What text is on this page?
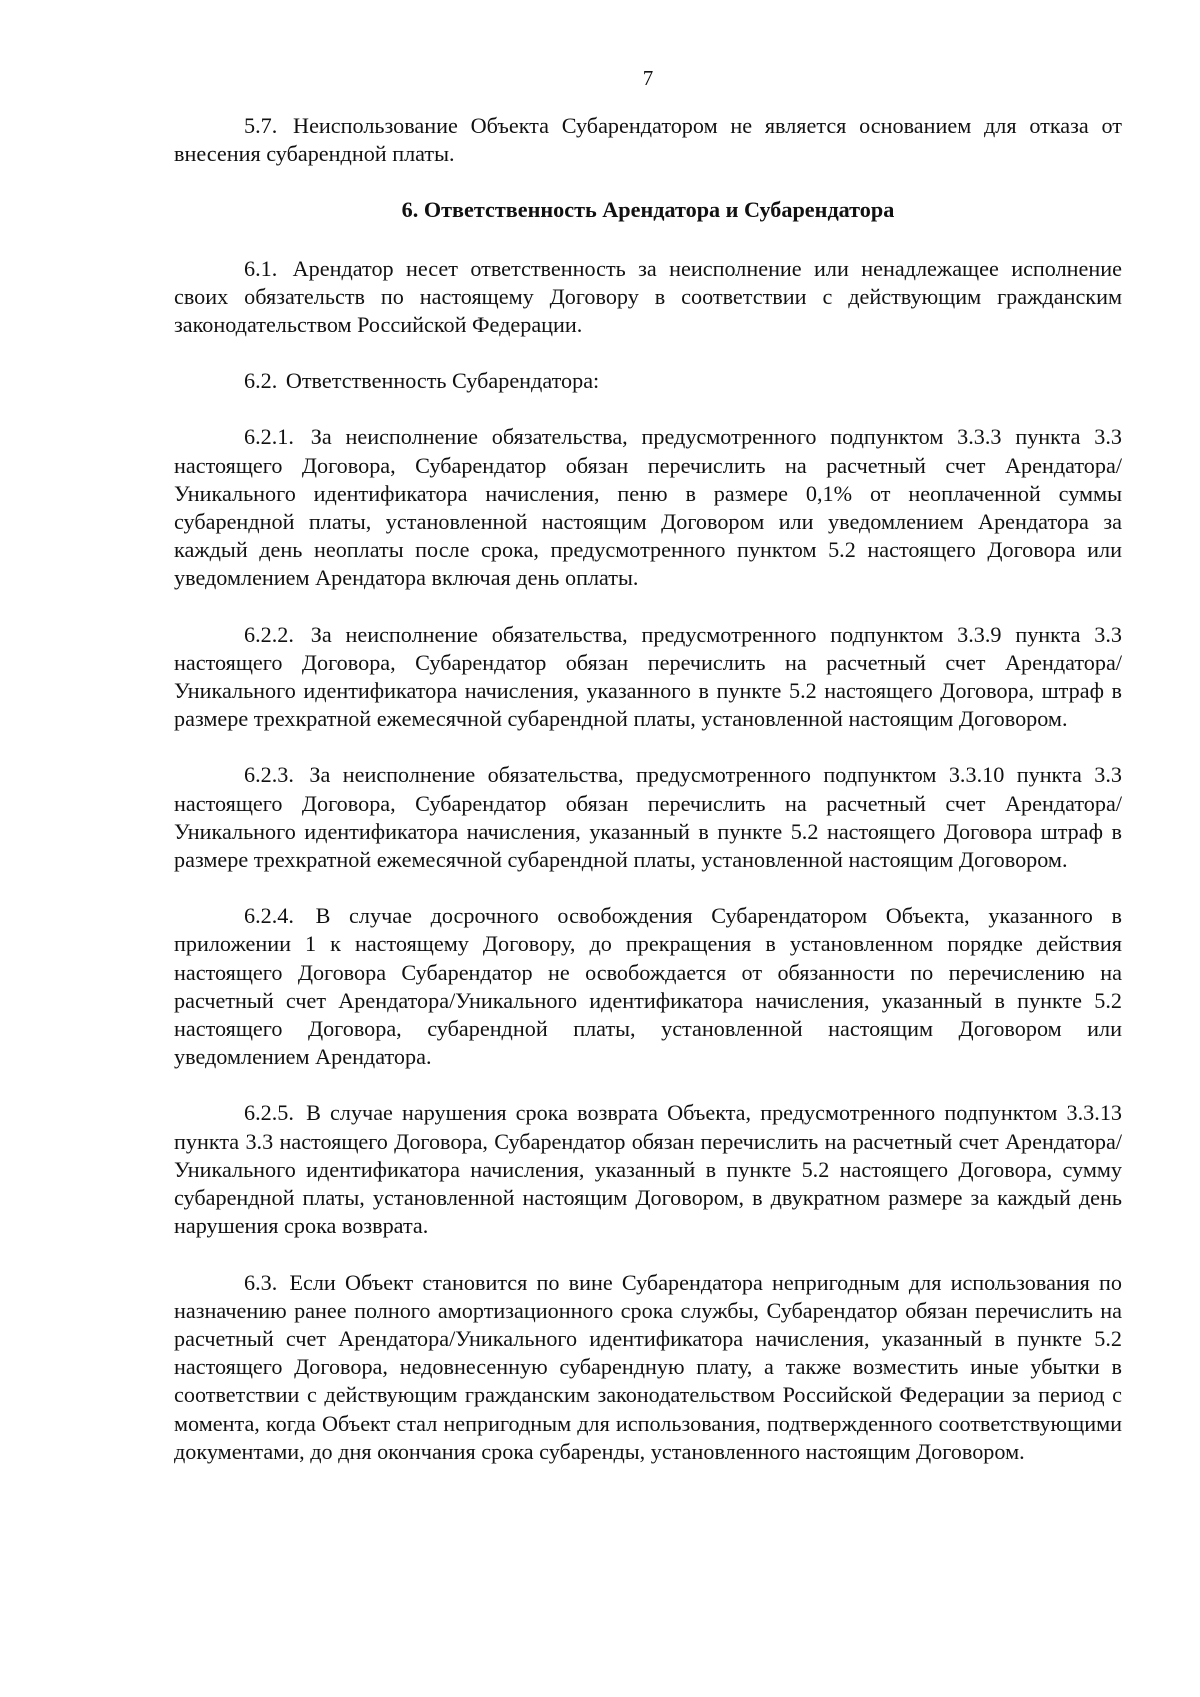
7

5.7. Неиспользование Объекта Субарендатором не является основанием для отказа от внесения субарендной платы.

6. Ответственность Арендатора и Субарендатора

6.1. Арендатор несет ответственность за неисполнение или ненадлежащее исполнение своих обязательств по настоящему Договору в соответствии с действующим гражданским законодательством Российской Федерации.

6.2. Ответственность Субарендатора:

6.2.1. За неисполнение обязательства, предусмотренного подпунктом 3.3.3 пункта 3.3 настоящего Договора, Субарендатор обязан перечислить на расчетный счет Арендатора/Уникального идентификатора начисления, пеню в размере 0,1% от неоплаченной суммы субарендной платы, установленной настоящим Договором или уведомлением Арендатора за каждый день неоплаты после срока, предусмотренного пунктом 5.2 настоящего Договора или уведомлением Арендатора включая день оплаты.

6.2.2. За неисполнение обязательства, предусмотренного подпунктом 3.3.9 пункта 3.3 настоящего Договора, Субарендатор обязан перечислить на расчетный счет Арендатора/ Уникального идентификатора начисления, указанного в пункте 5.2 настоящего Договора, штраф в размере трехкратной ежемесячной субарендной платы, установленной настоящим Договором.

6.2.3. За неисполнение обязательства, предусмотренного подпунктом 3.3.10 пункта 3.3 настоящего Договора, Субарендатор обязан перечислить на расчетный счет Арендатора/Уникального идентификатора начисления, указанный в пункте 5.2 настоящего Договора штраф в размере трехкратной ежемесячной субарендной платы, установленной настоящим Договором.

6.2.4. В случае досрочного освобождения Субарендатором Объекта, указанного в приложении 1 к настоящему Договору, до прекращения в установленном порядке действия настоящего Договора Субарендатор не освобождается от обязанности по перечислению на расчетный счет Арендатора/Уникального идентификатора начисления, указанный в пункте 5.2 настоящего Договора, субарендной платы, установленной настоящим Договором или уведомлением Арендатора.

6.2.5. В случае нарушения срока возврата Объекта, предусмотренного подпунктом 3.3.13 пункта 3.3 настоящего Договора, Субарендатор обязан перечислить на расчетный счет Арендатора/Уникального идентификатора начисления, указанный в пункте 5.2 настоящего Договора, сумму субарендной платы, установленной настоящим Договором, в двукратном размере за каждый день нарушения срока возврата.

6.3. Если Объект становится по вине Субарендатора непригодным для использования по назначению ранее полного амортизационного срока службы, Субарендатор обязан перечислить на расчетный счет Арендатора/Уникального идентификатора начисления, указанный в пункте 5.2 настоящего Договора, недовнесенную субарендную плату, а также возместить иные убытки в соответствии с действующим гражданским законодательством Российской Федерации за период с момента, когда Объект стал непригодным для использования, подтвержденного соответствующими документами, до дня окончания срока субаренды, установленного настоящим Договором.
